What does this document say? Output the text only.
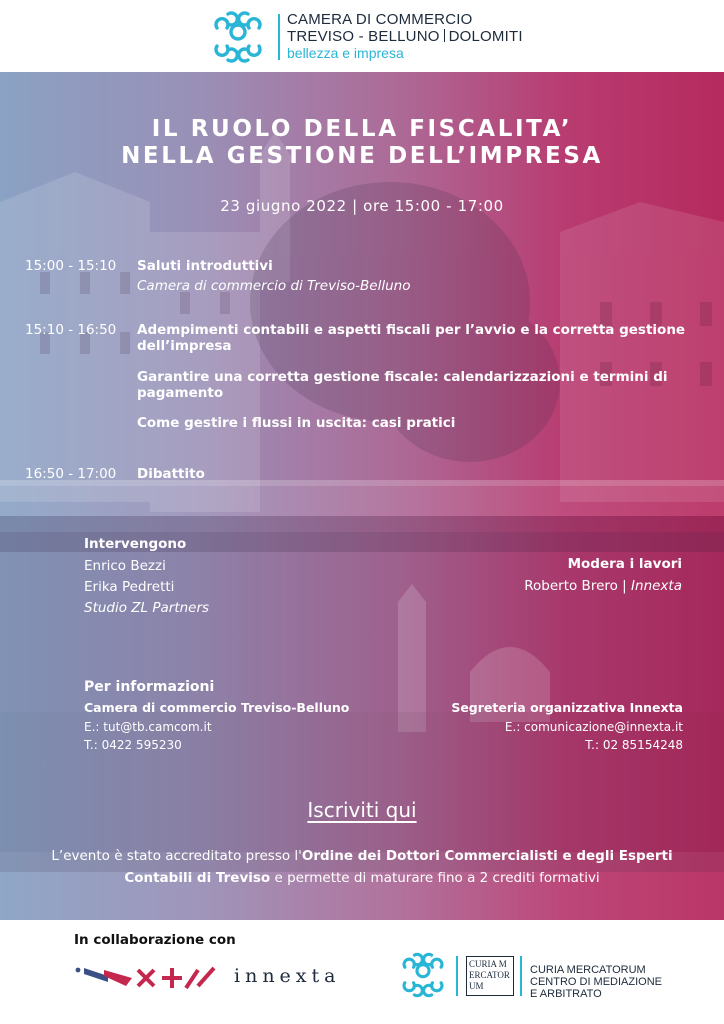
CAMERA DI COMMERCIO
TREVISO - BELLUNO DOLOMITI
bellezza e impresa
IL RUOLO DELLA FISCALITA’
NELLA GESTIONE DELL’IMPRESA
23 giugno 2022 | ore 15:00 - 17:00
15:00 - 15:10 Saluti introduttivi
Camera di commercio di Treviso-Belluno
15:10 - 16:50 Adempimenti contabili e aspetti fiscali per l’avvio e la corretta gestione dell’impresa
Garantire una corretta gestione fiscale: calendarizzazioni e termini di pagamento
Come gestire i flussi in uscita: casi pratici
16:50 - 17:00 Dibattito
Intervengono
Enrico Bezzi
Erika Pedretti
Studio ZL Partners
Modera i lavori
Roberto Brero | Innexta
Per informazioni
Camera di commercio Treviso-Belluno
E.: tut@tb.camcom.it
T.: 0422 595230
Segreteria organizzativa Innexta
E.: comunicazione@innexta.it
T.: 02 85154248
Iscriviti qui
L’evento è stato accreditato presso l'Ordine dei Dottori Commercialisti e degli Esperti Contabili di Treviso e permette di maturare fino a 2 crediti formativi
In collaborazione con
innexta
CURIA MERCATORUM
CURIA MERCATORUM
CENTRO DI MEDIAZIONE
E ARBITRATO
